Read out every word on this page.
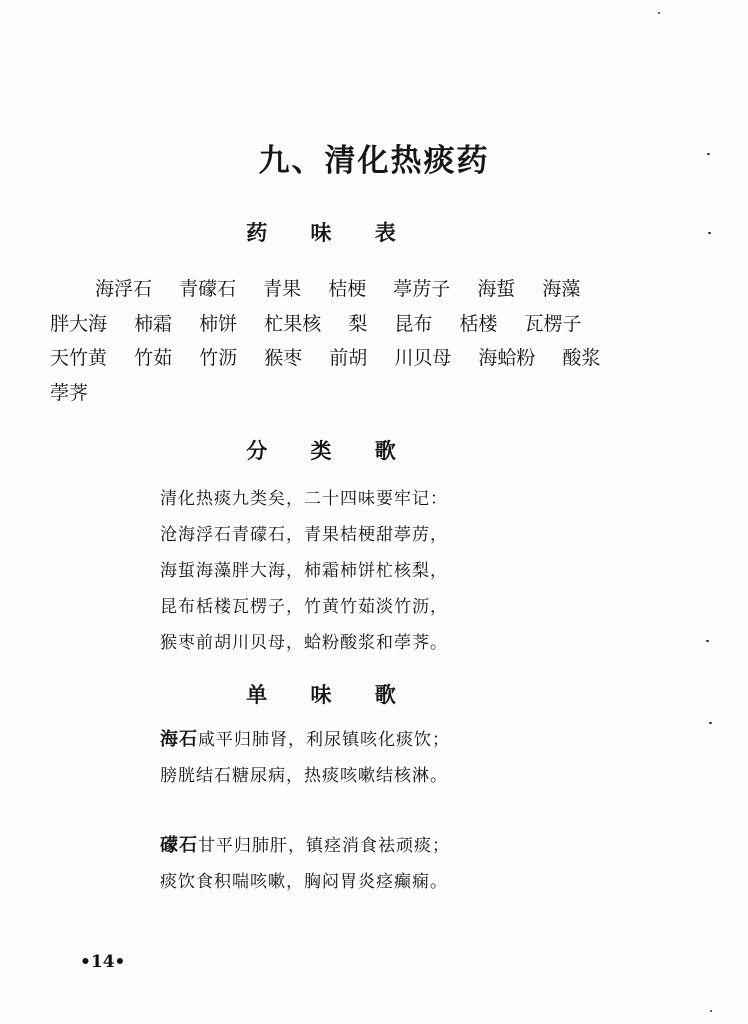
九、清化热痰药
药 味 表
海浮石 青礞石 青果 桔梗 葶苈子 海蜇 海藻
胖大海 柿霜 柿饼 杧果核 梨 昆布 栝楼 瓦楞子
天竹黄 竹茹 竹沥 猴枣 前胡 川贝母 海蛤粉 酸浆
荸荠
分 类 歌
清化热痰九类矣，二十四味要牢记：
沧海浮石青礞石，青果桔梗甜葶苈，
海蜇海藻胖大海，柿霜柿饼杧核梨，
昆布栝楼瓦楞子，竹黄竹茹淡竹沥，
猴枣前胡川贝母，蛤粉酸浆和荸荠。
单 味 歌
海石咸平归肺肾，利尿镇咳化痰饮；
膀胱结石糖尿病，热痰咳嗽结核淋。
礞石甘平归肺肝，镇痉消食祛顽痰；
痰饮食积喘咳嗽，胸闷胃炎痉癫痫。
•14•
